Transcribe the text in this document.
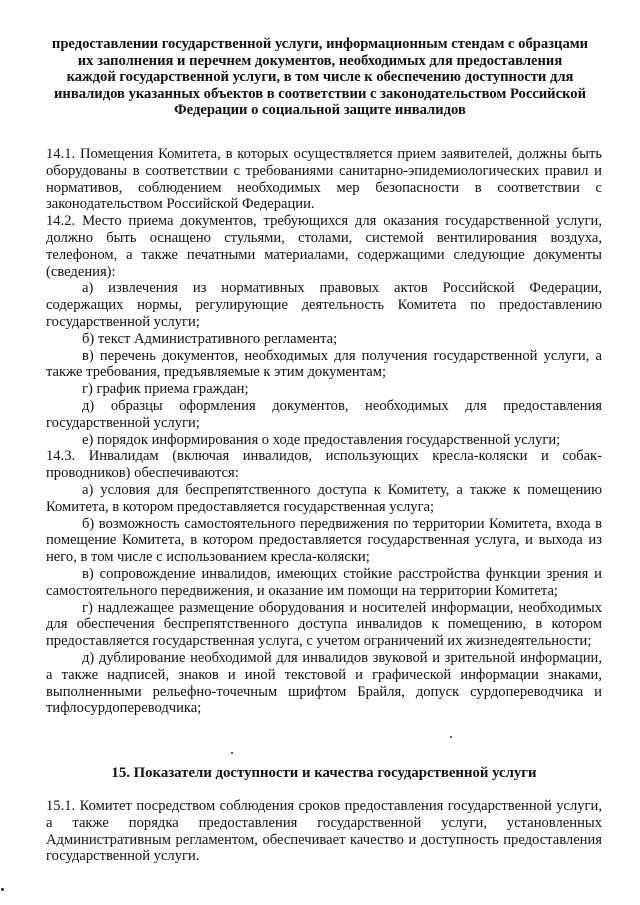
предоставлении государственной услуги, информационным стендам с образцами
их заполнения и перечнем документов, необходимых для предоставления
каждой государственной услуги, в том числе к обеспечению доступности для
инвалидов указанных объектов в соответствии с законодательством Российской
Федерации о социальной защите инвалидов

14.1. Помещения Комитета, в которых осуществляется прием заявителей, должны быть оборудованы в соответствии с требованиями санитарно-эпидемиологических правил и нормативов, соблюдением необходимых мер безопасности в соответствии с законодательством Российской Федерации.

14.2. Место приема документов, требующихся для оказания государственной услуги, должно быть оснащено стульями, столами, системой вентилирования воздуха, телефоном, а также печатными материалами, содержащими следующие документы (сведения):

а) извлечения из нормативных правовых актов Российской Федерации, содержащих нормы, регулирующие деятельность Комитета по предоставлению государственной услуги;

б) текст Административного регламента;

в) перечень документов, необходимых для получения государственной услуги, а также требования, предъявляемые к этим документам;

г) график приема граждан;

д) образцы оформления документов, необходимых для предоставления государственной услуги;

е) порядок информирования о ходе предоставления государственной услуги;

14.3. Инвалидам (включая инвалидов, использующих кресла-коляски и собак-проводников) обеспечиваются:

а) условия для беспрепятственного доступа к Комитету, а также к помещению Комитета, в котором предоставляется государственная услуга;

б) возможность самостоятельного передвижения по территории Комитета, входа в помещение Комитета, в котором предоставляется государственная услуга, и выхода из него, в том числе с использованием кресла-коляски;

в) сопровождение инвалидов, имеющих стойкие расстройства функции зрения и самостоятельного передвижения, и оказание им помощи на территории Комитета;

г) надлежащее размещение оборудования и носителей информации, необходимых для обеспечения беспрепятственного доступа инвалидов к помещению, в котором предоставляется государственная услуга, с учетом ограничений их жизнедеятельности;

д) дублирование необходимой для инвалидов звуковой и зрительной информации, а также надписей, знаков и иной текстовой и графической информации знаками, выполненными рельефно-точечным шрифтом Брайля, допуск сурдопереводчика и тифлосурдопереводчика;

15. Показатели доступности и качества государственной услуги

15.1. Комитет посредством соблюдения сроков предоставления государственной услуги, а также порядка предоставления государственной услуги, установленных Административным регламентом, обеспечивает качество и доступность предоставления государственной услуги.
